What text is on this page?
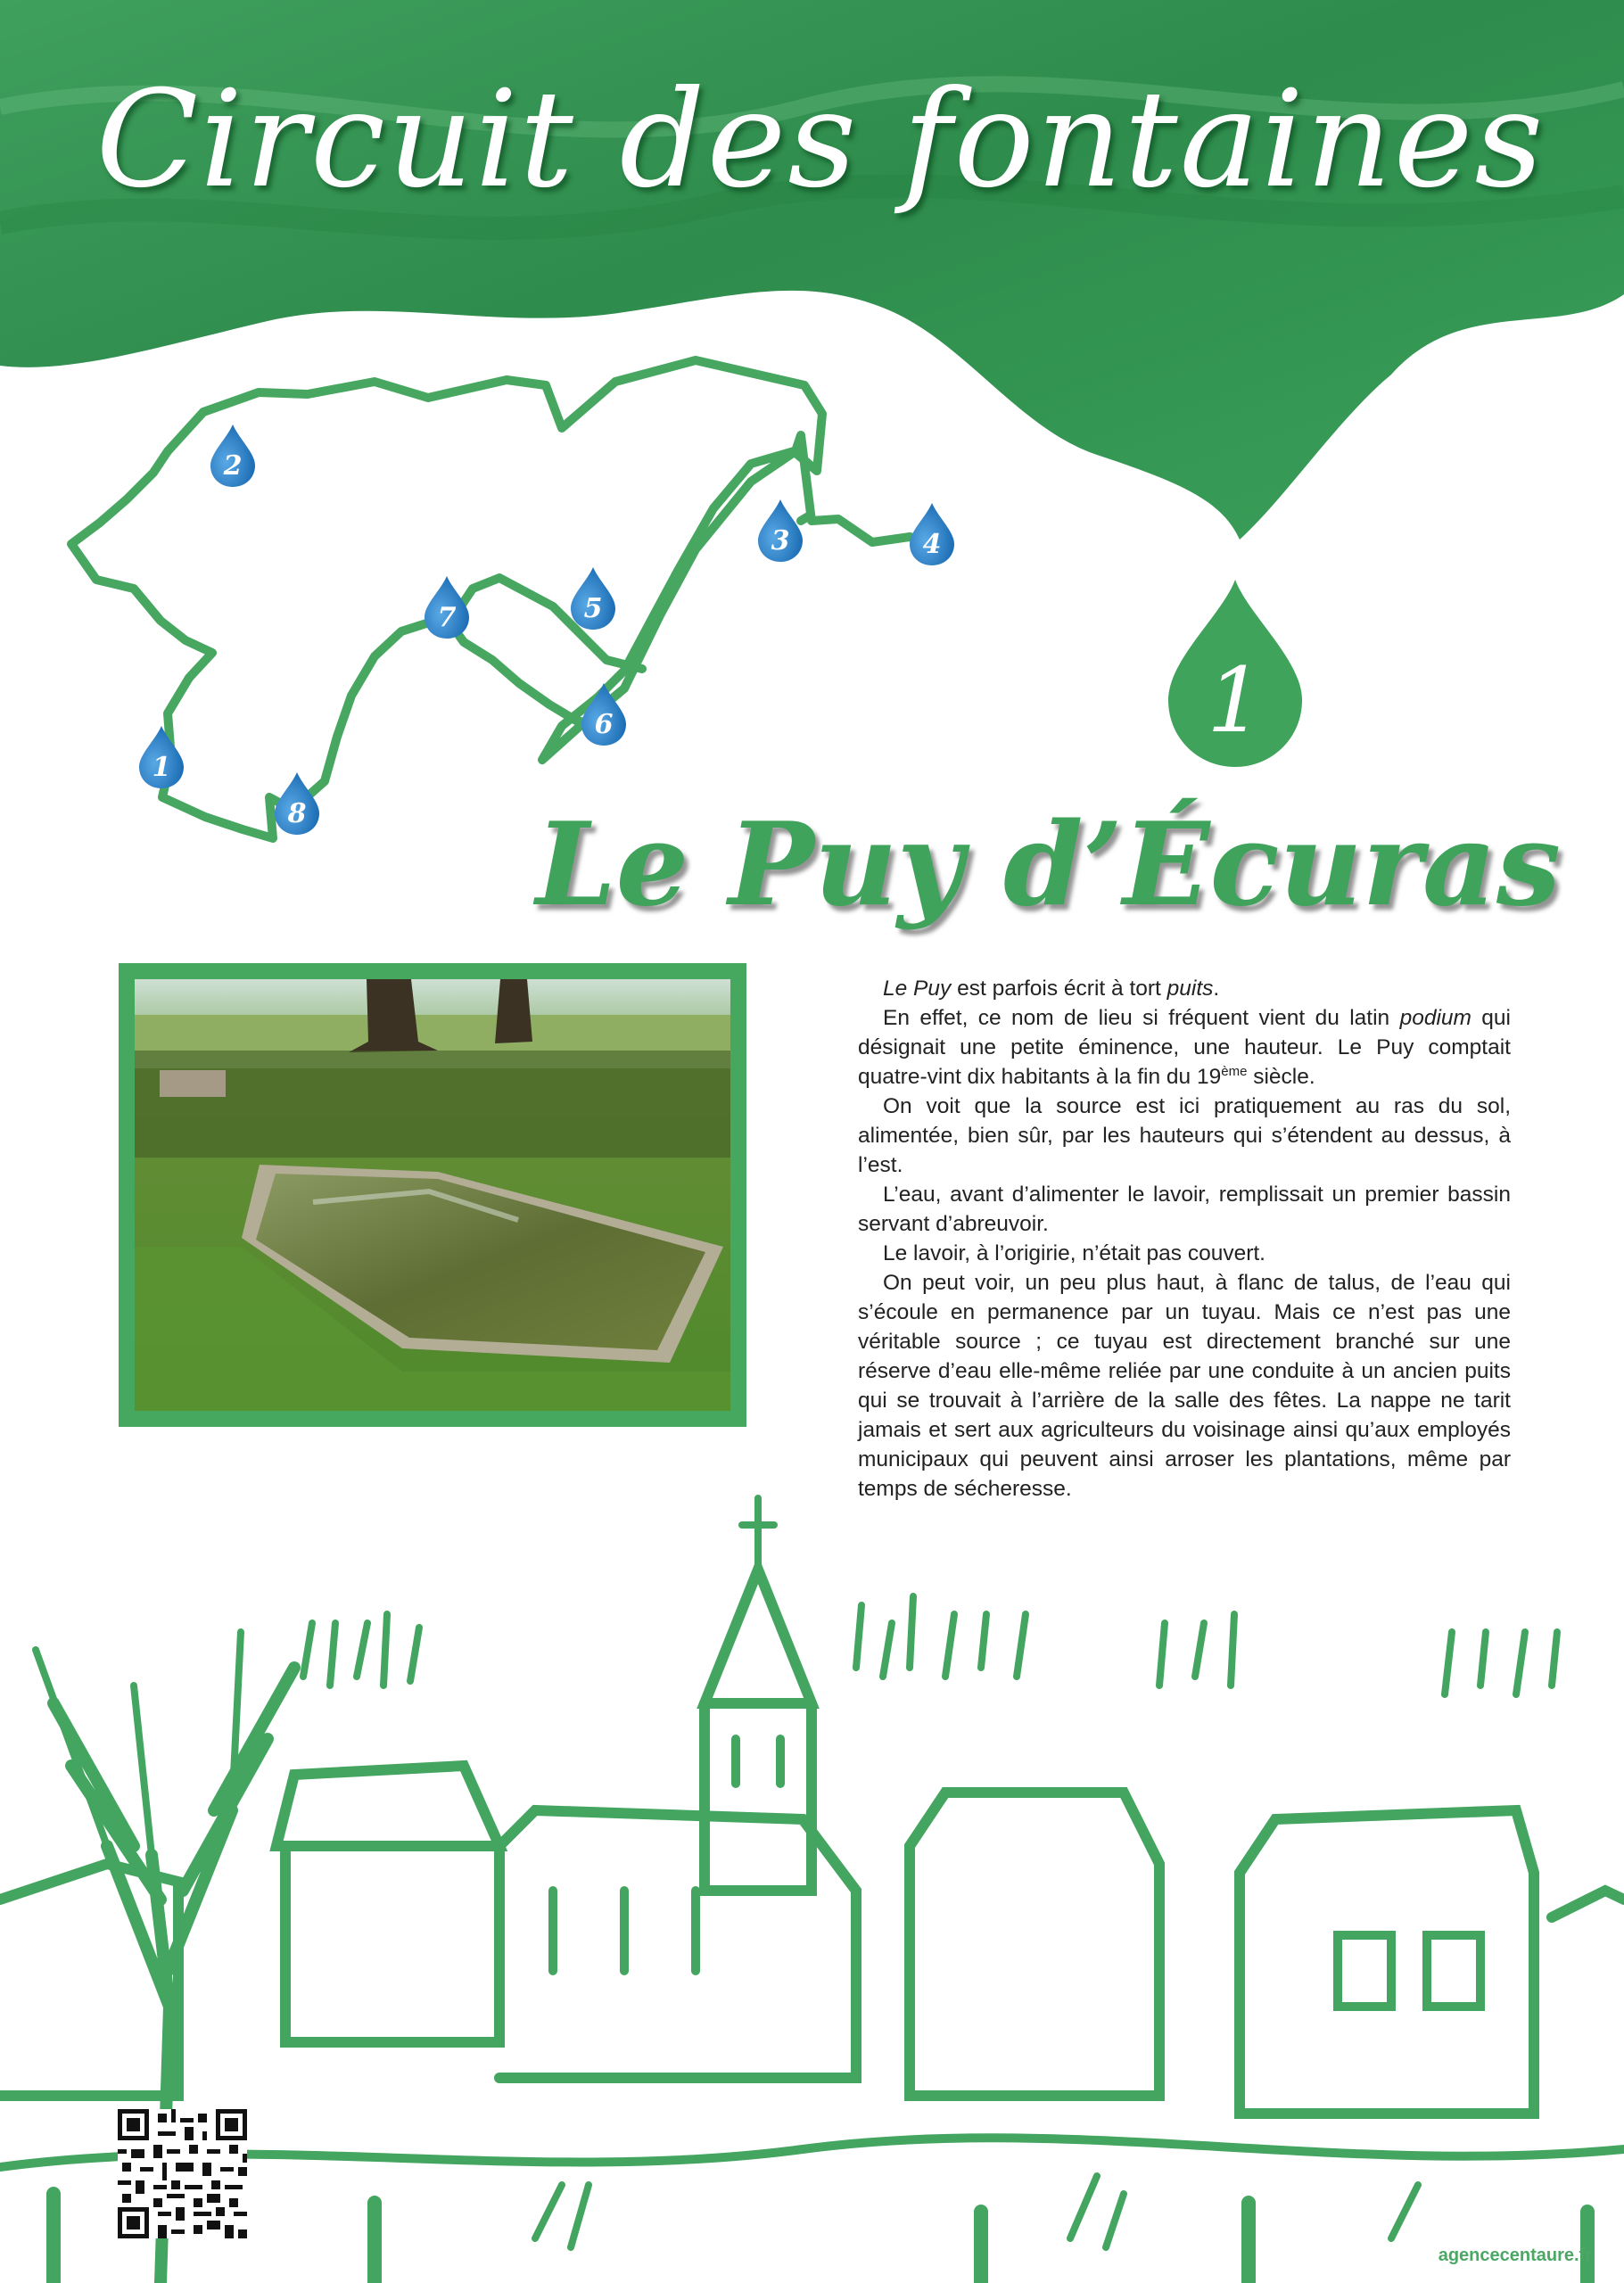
Circuit des fontaines
1
2
3	4
5
6
7
8
1
Le Puy d’Écuras

Le Puy est parfois écrit à tort puits.

En effet, ce nom de lieu si fréquent vient du latin podium qui désignait une petite éminence, une hauteur. Le Puy comptait quatre-vint dix habitants à la fin du 19ème siècle.

On voit que la source est ici pratiquement au ras du sol, alimentée, bien sûr, par les hauteurs qui s’étendent au dessus, à l’est.

L’eau, avant d’alimenter le lavoir, remplissait un premier bassin servant d’abreuvoir.

Le lavoir, à l’origirie, n’était pas couvert.

On peut voir, un peu plus haut, à flanc de talus, de l’eau qui s’écoule en permanence par un tuyau. Mais ce n’est pas une véritable source ; ce tuyau est directement branché sur une réserve d’eau elle-même reliée par une conduite à un ancien puits qui se trouvait à l’arrière de la salle des fêtes. La nappe ne tarit jamais et sert aux agriculteurs du voisinage ainsi qu’aux employés municipaux qui peuvent ainsi arroser les plantations, même par temps de sécheresse.

agencecentaure.fr
